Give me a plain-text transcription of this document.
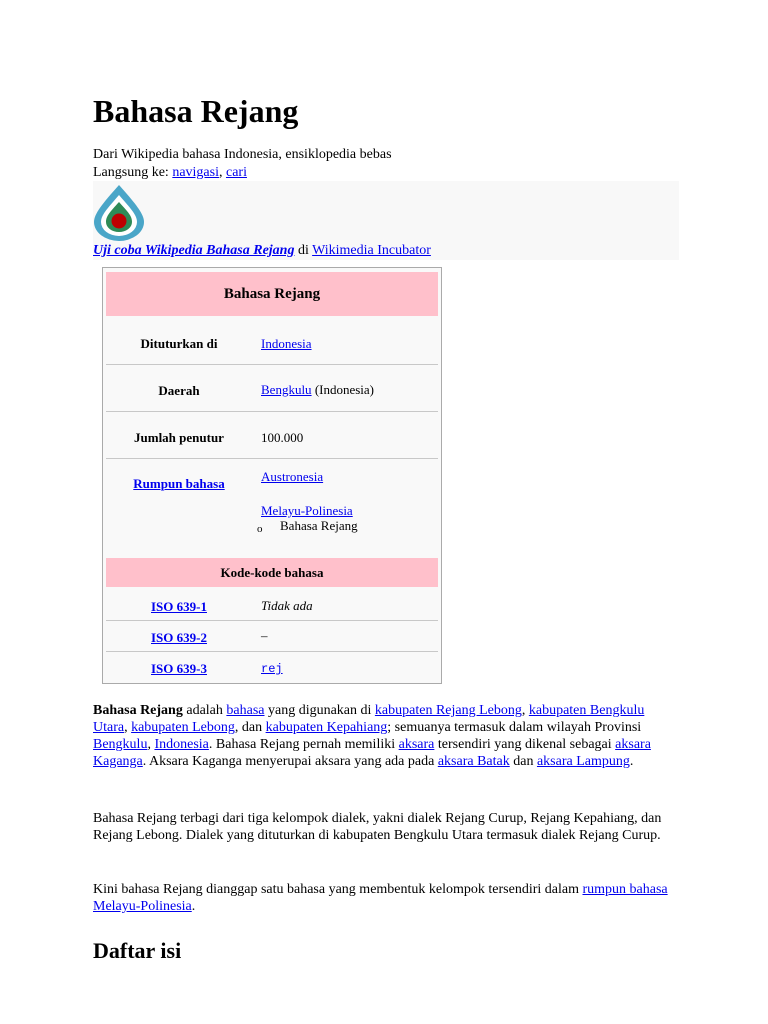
Bahasa Rejang
Dari Wikipedia bahasa Indonesia, ensiklopedia bebas
Langsung ke: navigasi, cari
Uji coba Wikipedia Bahasa Rejang di Wikimedia Incubator
Bahasa Rejang
Dituturkan di	Indonesia
Daerah	Bengkulu (Indonesia)
Jumlah penutur	100.000
Rumpun bahasa	Austronesia
Melayu-Polinesia
o Bahasa Rejang
Kode-kode bahasa
ISO 639-1	Tidak ada
ISO 639-2	–
ISO 639-3	rej
Bahasa Rejang adalah bahasa yang digunakan di kabupaten Rejang Lebong, kabupaten Bengkulu Utara, kabupaten Lebong, dan kabupaten Kepahiang; semuanya termasuk dalam wilayah Provinsi Bengkulu, Indonesia. Bahasa Rejang pernah memiliki aksara tersendiri yang dikenal sebagai aksara Kaganga. Aksara Kaganga menyerupai aksara yang ada pada aksara Batak dan aksara Lampung.
Bahasa Rejang terbagi dari tiga kelompok dialek, yakni dialek Rejang Curup, Rejang Kepahiang, dan Rejang Lebong. Dialek yang dituturkan di kabupaten Bengkulu Utara termasuk dialek Rejang Curup.
Kini bahasa Rejang dianggap satu bahasa yang membentuk kelompok tersendiri dalam rumpun bahasa Melayu-Polinesia.
Daftar isi
